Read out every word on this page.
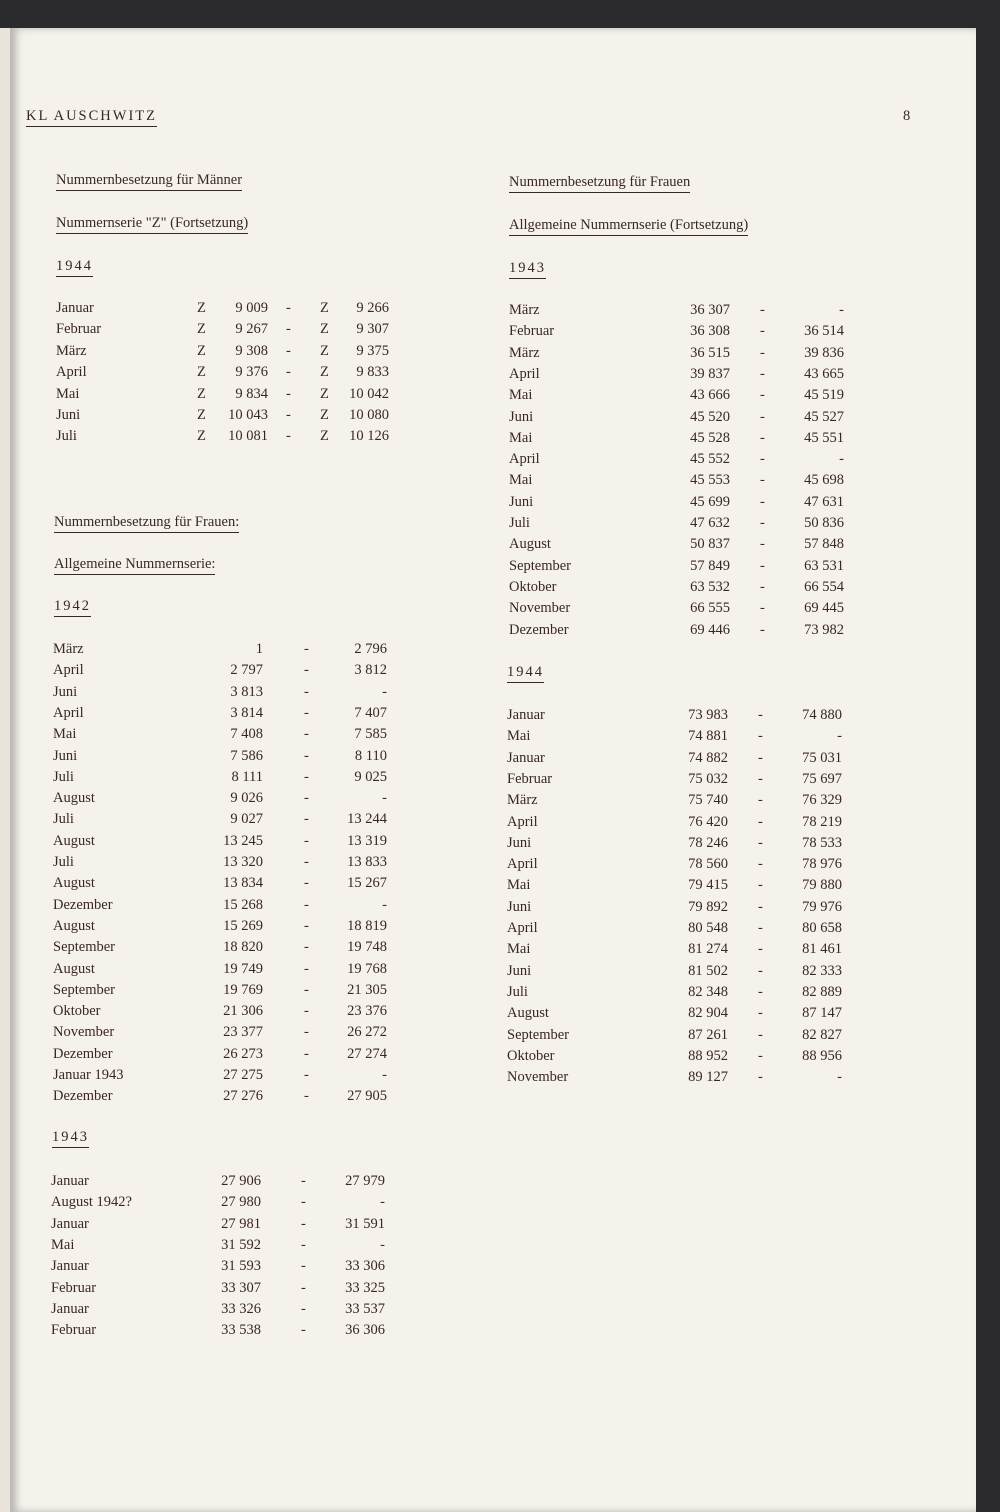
KL AUSCHWITZ	8
Nummernbesetzung für Männer
Nummernserie "Z" (Fortsetzung)
1944
Januar	Z 9 009 - Z 9 266
Februar	Z 9 267 - Z 9 307
März	Z 9 308 - Z 9 375
April	Z 9 376 - Z 9 833
Mai	Z 9 834 - Z 10 042
Juni	Z 10 043 - Z 10 080
Juli	Z 10 081 - Z 10 126
Nummernbesetzung für Frauen:
Allgemeine Nummernserie:
1942
März	1	-	2 796
April	2 797	-	3 812
Juni	3 813	-	-
April	3 814	-	7 407
Mai	7 408	-	7 585
Juni	7 586	-	8 110
Juli	8 111	-	9 025
August	9 026	-	-
Juli	9 027	-	13 244
August	13 245	-	13 319
Juli	13 320	-	13 833
August	13 834	-	15 267
Dezember	15 268	-	-
August	15 269	-	18 819
September	18 820	-	19 748
August	19 749	-	19 768
September	19 769	-	21 305
Oktober	21 306	-	23 376
November	23 377	-	26 272
Dezember	26 273	-	27 274
Januar 1943	27 275	-	-
Dezember	27 276	-	27 905
1943
Januar	27 906	-	27 979
August 1942?	27 980	-	-
Januar	27 981	-	31 591
Mai	31 592	-	-
Januar	31 593	-	33 306
Februar	33 307	-	33 325
Januar	33 326	-	33 537
Februar	33 538	-	36 306
Nummernbesetzung für Frauen
Allgemeine Nummernserie (Fortsetzung)
1943
März	36 307 -	-
Februar	36 308 -	36 514
März	36 515 -	39 836
April	39 837 -	43 665
Mai	43 666 -	45 519
Juni	45 520 -	45 527
Mai	45 528 -	45 551
April	45 552 -	-
Mai	45 553 -	45 698
Juni	45 699 -	47 631
Juli	47 632 -	50 836
August	50 837 -	57 848
September	57 849 -	63 531
Oktober	63 532 -	66 554
November	66 555 -	69 445
Dezember	69 446 -	73 982
1944
Januar	73 983 -	74 880
Mai	74 881 -	-
Januar	74 882 -	75 031
Februar	75 032 -	75 697
März	75 740 -	76 329
April	76 420 -	78 219
Juni	78 246 -	78 533
April	78 560 -	78 976
Mai	79 415 -	79 880
Juni	79 892 -	79 976
April	80 548 -	80 658
Mai	81 274 -	81 461
Juni	81 502 -	82 333
Juli	82 348 -	82 889
August	82 904 -	87 147
September	87 261 -	82 827
Oktober	88 952 -	88 956
November	89 127 -	-
